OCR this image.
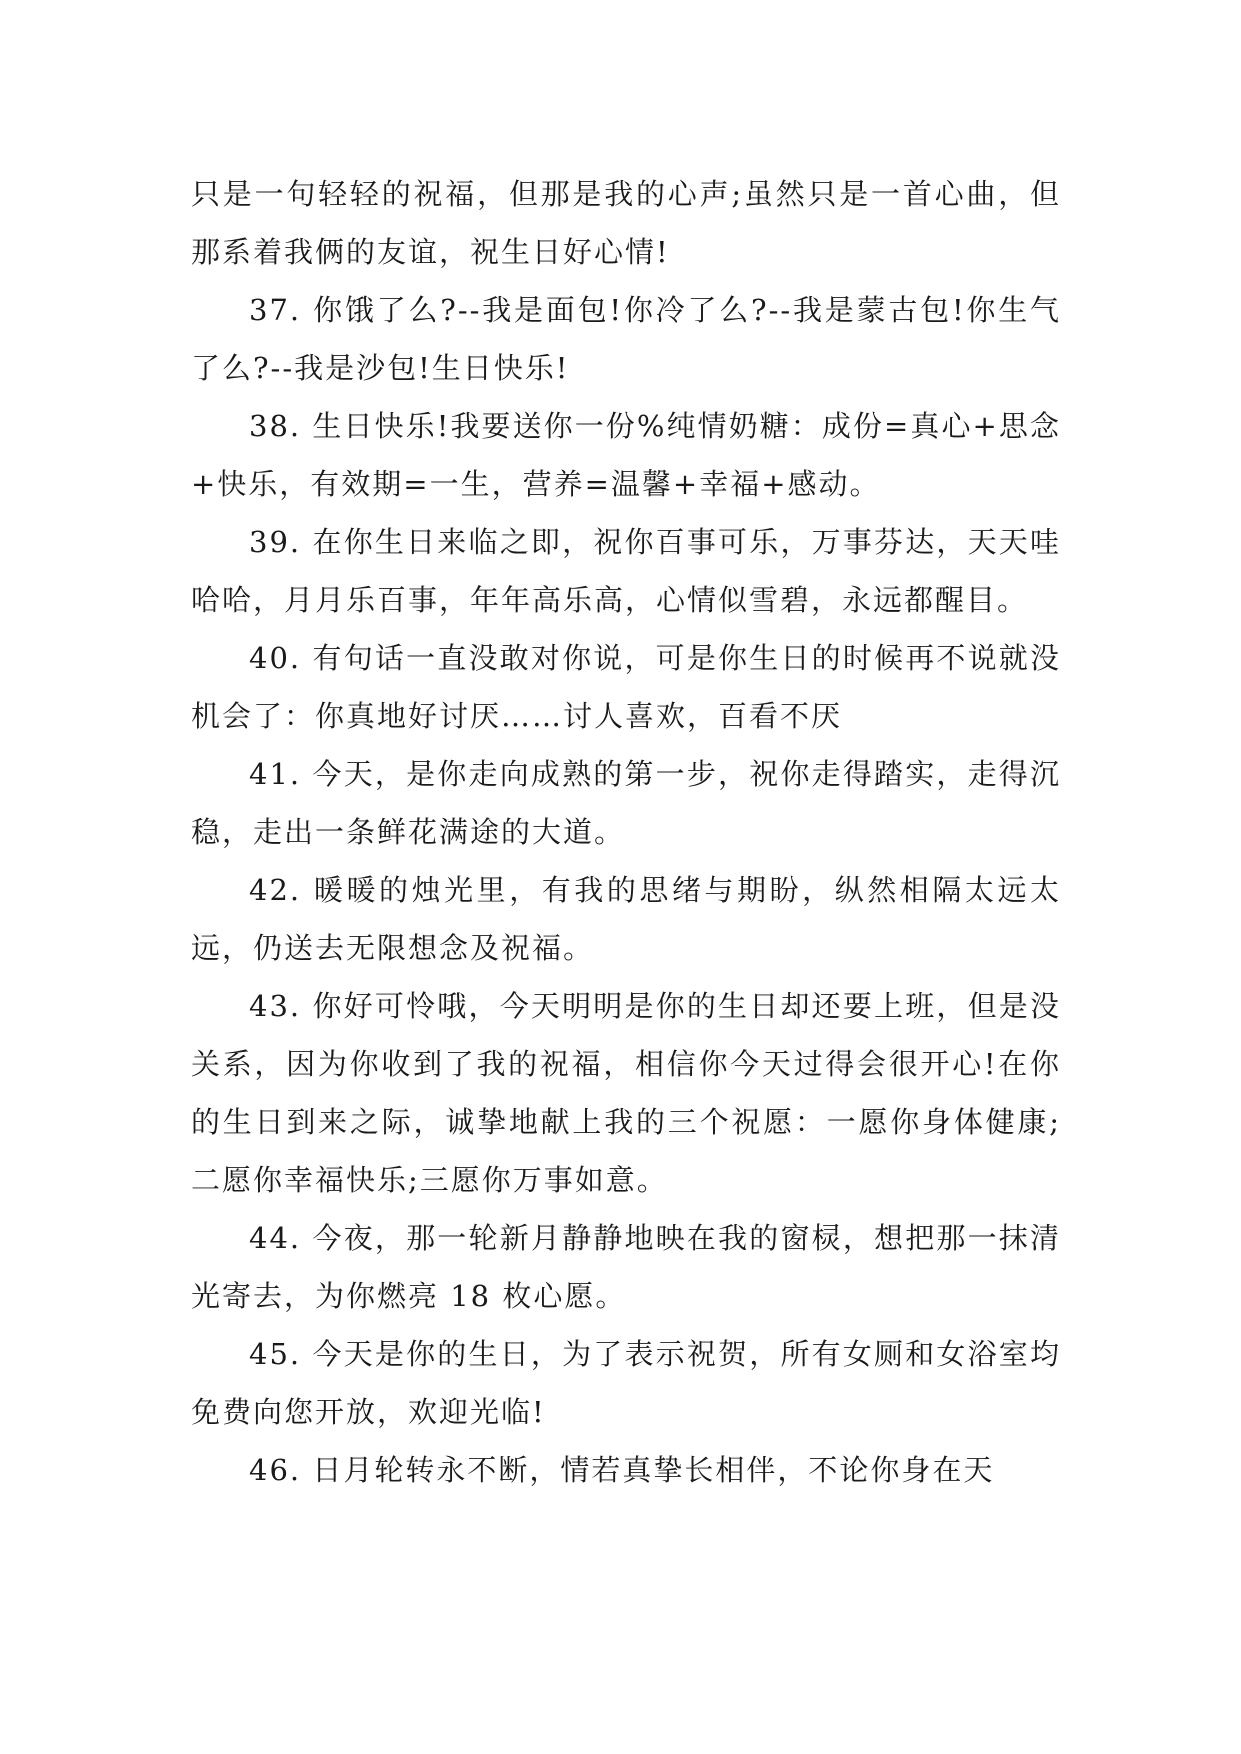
只是一句轻轻的祝福，但那是我的心声;虽然只是一首心曲，但那系着我俩的友谊，祝生日好心情!

37. 你饿了么?--我是面包!你冷了么?--我是蒙古包!你生气了么?--我是沙包!生日快乐!

38. 生日快乐!我要送你一份%纯情奶糖：成份=真心+思念+快乐，有效期=一生，营养=温馨+幸福+感动。

39. 在你生日来临之即，祝你百事可乐，万事芬达，天天哇哈哈，月月乐百事，年年高乐高，心情似雪碧，永远都醒目。

40. 有句话一直没敢对你说，可是你生日的时候再不说就没机会了：你真地好讨厌……讨人喜欢，百看不厌

41. 今天，是你走向成熟的第一步，祝你走得踏实，走得沉稳，走出一条鲜花满途的大道。

42. 暖暖的烛光里，有我的思绪与期盼，纵然相隔太远太远，仍送去无限想念及祝福。

43. 你好可怜哦，今天明明是你的生日却还要上班，但是没关系，因为你收到了我的祝福，相信你今天过得会很开心!在你的生日到来之际，诚挚地献上我的三个祝愿：一愿你身体健康;二愿你幸福快乐;三愿你万事如意。

44. 今夜，那一轮新月静静地映在我的窗棂，想把那一抹清光寄去，为你燃亮 18 枚心愿。

45. 今天是你的生日，为了表示祝贺，所有女厕和女浴室均免费向您开放，欢迎光临!

46. 日月轮转永不断，情若真挚长相伴，不论你身在天
